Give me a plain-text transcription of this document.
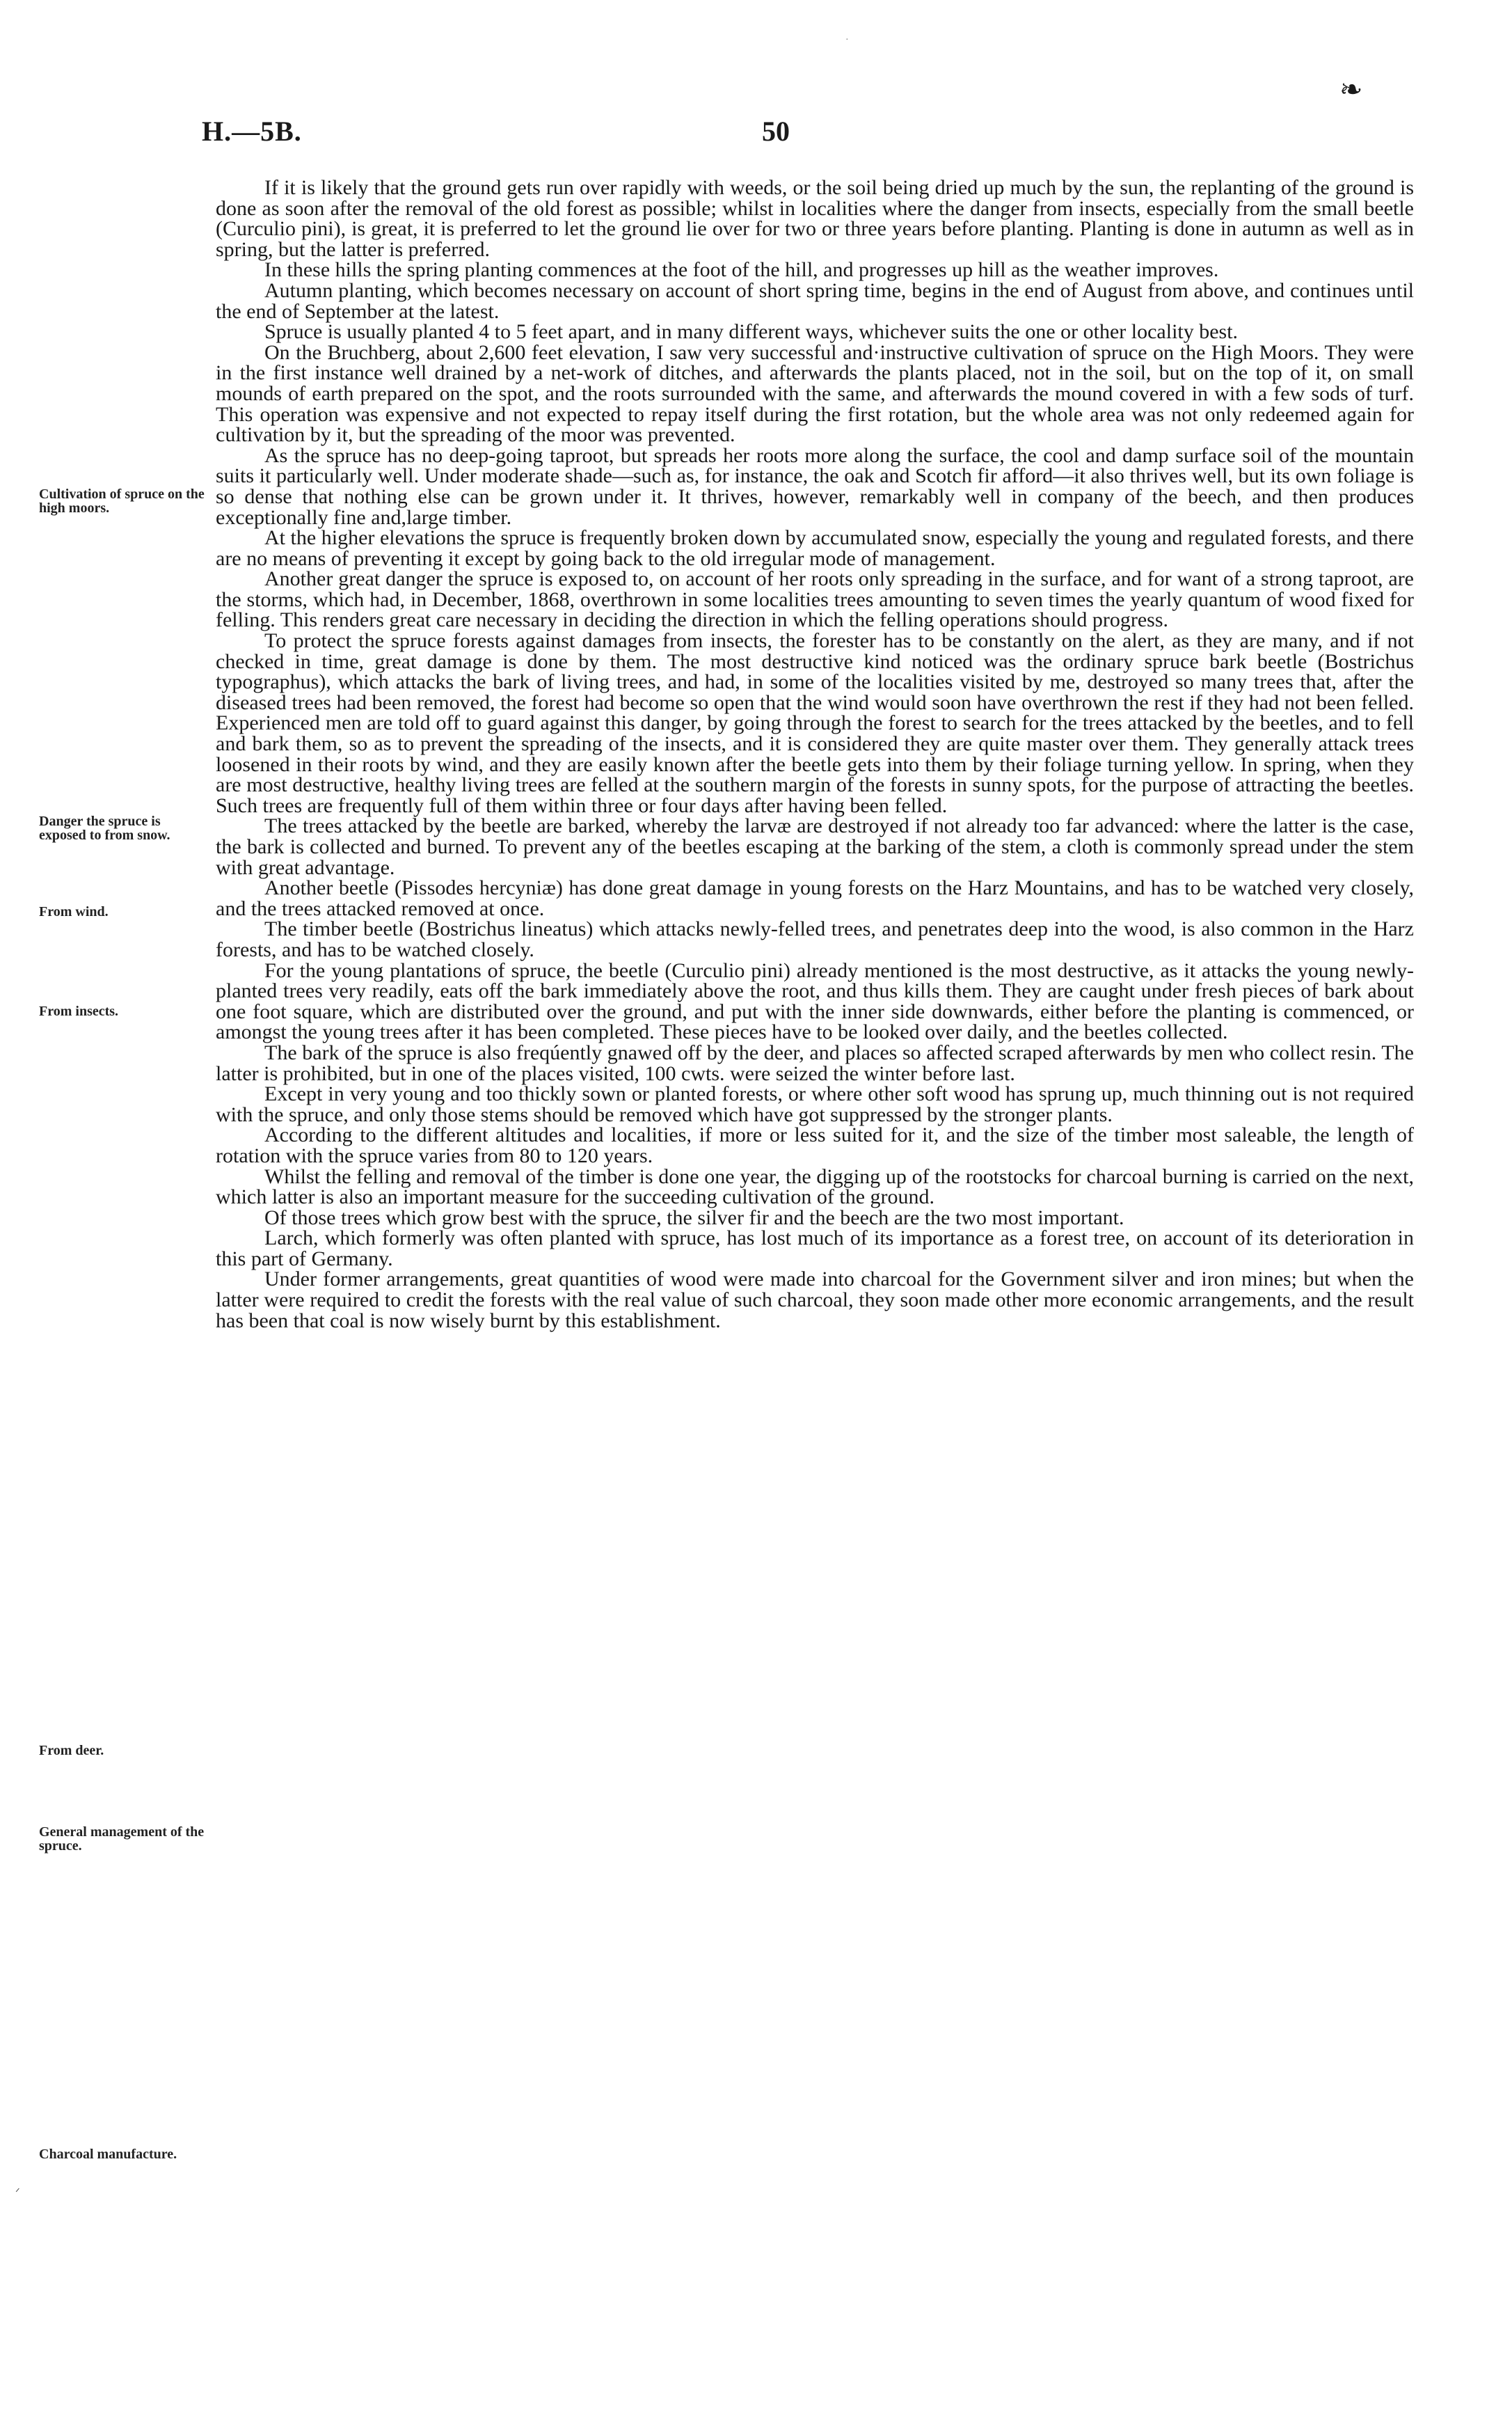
·
H.—5B.	50
❧
Cultivation of spruce on the high moors.
Danger the spruce is exposed to from snow.
From wind.
From insects.
From deer.
General management of the spruce.
Charcoal manufacture.
ᐟ

If it is likely that the ground gets run over rapidly with weeds, or the soil being dried up much by the sun, the replanting of the ground is done as soon after the removal of the old forest as possible; whilst in localities where the danger from insects, especially from the small beetle (Curculio pini), is great, it is preferred to let the ground lie over for two or three years before planting. Planting is done in autumn as well as in spring, but the latter is preferred.

In these hills the spring planting commences at the foot of the hill, and progresses up hill as the weather improves.

Autumn planting, which becomes necessary on account of short spring time, begins in the end of August from above, and continues until the end of September at the latest.

Spruce is usually planted 4 to 5 feet apart, and in many different ways, whichever suits the one or other locality best.

On the Bruchberg, about 2,600 feet elevation, I saw very successful and·instructive cultivation of spruce on the High Moors. They were in the first instance well drained by a net-work of ditches, and afterwards the plants placed, not in the soil, but on the top of it, on small mounds of earth prepared on the spot, and the roots surrounded with the same, and afterwards the mound covered in with a few sods of turf. This operation was expensive and not expected to repay itself during the first rotation, but the whole area was not only redeemed again for cultivation by it, but the spreading of the moor was prevented.

As the spruce has no deep-going taproot, but spreads her roots more along the surface, the cool and damp surface soil of the mountain suits it particularly well. Under moderate shade—such as, for instance, the oak and Scotch fir afford—it also thrives well, but its own foliage is so dense that nothing else can be grown under it. It thrives, however, remarkably well in company of the beech, and then produces exceptionally fine and,large timber.

At the higher elevations the spruce is frequently broken down by accumulated snow, especially the young and regulated forests, and there are no means of preventing it except by going back to the old irregular mode of management.

Another great danger the spruce is exposed to, on account of her roots only spreading in the surface, and for want of a strong taproot, are the storms, which had, in December, 1868, overthrown in some localities trees amounting to seven times the yearly quantum of wood fixed for felling. This renders great care necessary in deciding the direction in which the felling operations should progress.

To protect the spruce forests against damages from insects, the forester has to be constantly on the alert, as they are many, and if not checked in time, great damage is done by them. The most destructive kind noticed was the ordinary spruce bark beetle (Bostrichus typographus), which attacks the bark of living trees, and had, in some of the localities visited by me, destroyed so many trees that, after the diseased trees had been removed, the forest had become so open that the wind would soon have overthrown the rest if they had not been felled. Experienced men are told off to guard against this danger, by going through the forest to search for the trees attacked by the beetles, and to fell and bark them, so as to prevent the spreading of the insects, and it is considered they are quite master over them. They generally attack trees loosened in their roots by wind, and they are easily known after the beetle gets into them by their foliage turning yellow. In spring, when they are most destructive, healthy living trees are felled at the southern margin of the forests in sunny spots, for the purpose of attracting the beetles. Such trees are frequently full of them within three or four days after having been felled.

The trees attacked by the beetle are barked, whereby the larvæ are destroyed if not already too far advanced: where the latter is the case, the bark is collected and burned. To prevent any of the beetles escaping at the barking of the stem, a cloth is commonly spread under the stem with great advantage.

Another beetle (Pissodes hercyniæ) has done great damage in young forests on the Harz Mountains, and has to be watched very closely, and the trees attacked removed at once.

The timber beetle (Bostrichus lineatus) which attacks newly-felled trees, and penetrates deep into the wood, is also common in the Harz forests, and has to be watched closely.

For the young plantations of spruce, the beetle (Curculio pini) already mentioned is the most destructive, as it attacks the young newly-planted trees very readily, eats off the bark immediately above the root, and thus kills them. They are caught under fresh pieces of bark about one foot square, which are distributed over the ground, and put with the inner side downwards, either before the planting is commenced, or amongst the young trees after it has been completed. These pieces have to be looked over daily, and the beetles collected.

The bark of the spruce is also freqúently gnawed off by the deer, and places so affected scraped afterwards by men who collect resin. The latter is prohibited, but in one of the places visited, 100 cwts. were seized the winter before last.

Except in very young and too thickly sown or planted forests, or where other soft wood has sprung up, much thinning out is not required with the spruce, and only those stems should be removed which have got suppressed by the stronger plants.

According to the different altitudes and localities, if more or less suited for it, and the size of the timber most saleable, the length of rotation with the spruce varies from 80 to 120 years.

Whilst the felling and removal of the timber is done one year, the digging up of the rootstocks for charcoal burning is carried on the next, which latter is also an important measure for the succeeding cultivation of the ground.

Of those trees which grow best with the spruce, the silver fir and the beech are the two most important.

Larch, which formerly was often planted with spruce, has lost much of its importance as a forest tree, on account of its deterioration in this part of Germany.

Under former arrangements, great quantities of wood were made into charcoal for the Government silver and iron mines; but when the latter were required to credit the forests with the real value of such charcoal, they soon made other more economic arrangements, and the result has been that coal is now wisely burnt by this establishment.
